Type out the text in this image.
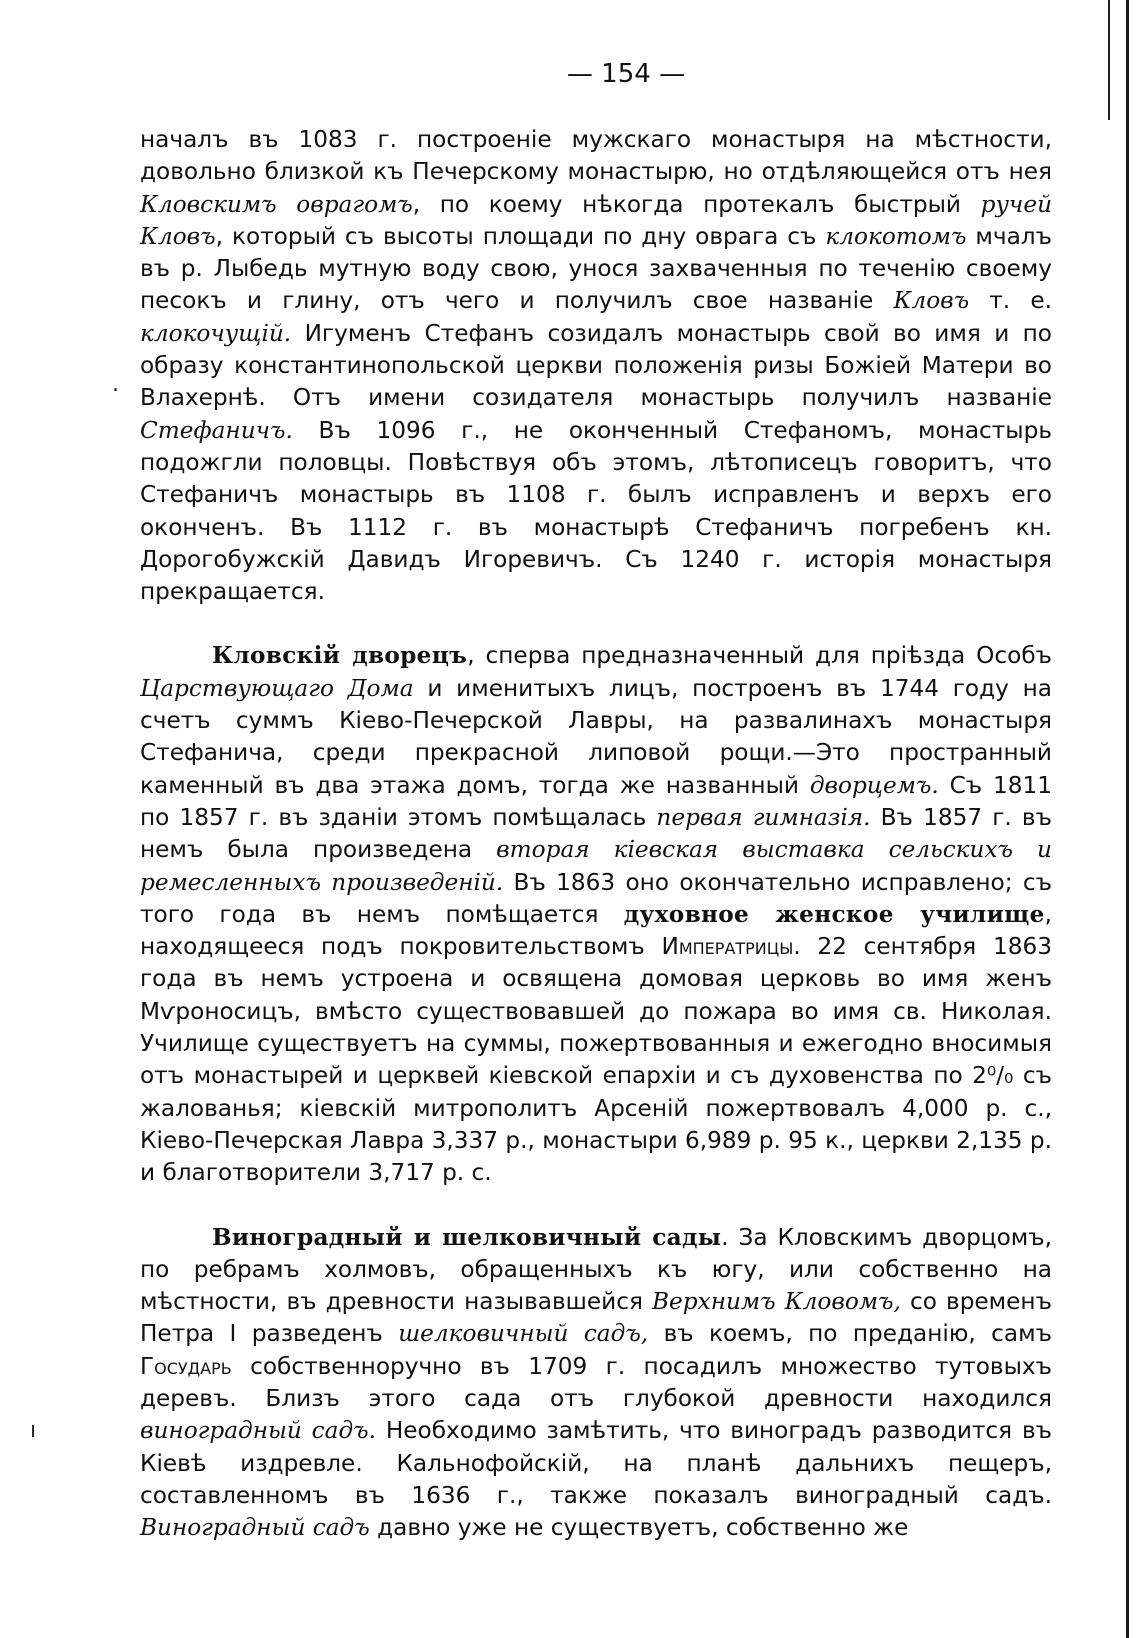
.
ı
— 154 —

началъ въ 1083 г. построеніе мужскаго монастыря на мѣстности, довольно близкой къ Печерскому монастырю, но отдѣляющейся отъ нея Кловскимъ оврагомъ, по коему нѣкогда протекалъ быстрый ручей Кловъ, который съ высоты площади по дну оврага съ клокотомъ мчалъ въ р. Лыбедь мутную воду свою, унося захваченныя по теченію своему песокъ и глину, отъ чего и получилъ свое названіе Кловъ т. е. клокочущій. Игуменъ Стефанъ созидалъ монастырь свой во имя и по образу константинопольской церкви положенія ризы Божіей Матери во Влахернѣ. Отъ имени созидателя монастырь получилъ названіе Стефаничъ. Въ 1096 г., не оконченный Стефаномъ, монастырь подожгли половцы. Повѣствуя объ этомъ, лѣтописецъ говоритъ, что Стефаничъ монастырь въ 1108 г. былъ исправленъ и верхъ его оконченъ. Въ 1112 г. въ монастырѣ Стефаничъ погребенъ кн. Дорогобужскій Давидъ Игоревичъ. Съ 1240 г. исторія монастыря прекращается.

Кловскій дворецъ, сперва предназначенный для пріѣзда Особъ Царствующаго Дома и именитыхъ лицъ, построенъ въ 1744 году на счетъ суммъ Кіево-Печерской Лавры, на развалинахъ монастыря Стефанича, среди прекрасной липовой рощи.—Это пространный каменный въ два этажа домъ, тогда же названный дворцемъ. Съ 1811 по 1857 г. въ зданіи этомъ помѣщалась первая гимназія. Въ 1857 г. въ немъ была произведена вторая кіевская выставка сельскихъ и ремесленныхъ произведеній. Въ 1863 оно окончательно исправлено; съ того года въ немъ помѣщается духовное женское училище, находящееся подъ покровительствомъ Императрицы. 22 сентября 1863 года въ немъ устроена и освящена домовая церковь во имя женъ Мѵроносицъ, вмѣсто существовавшей до пожара во имя св. Николая. Училище существуетъ на суммы, пожертвованныя и ежегодно вносимыя отъ монастырей и церквей кіевской епархіи и съ духовенства по 2⁰/₀ съ жалованья; кіевскій митрополитъ Арсеній пожертвовалъ 4,000 р. с., Кіево-Печерская Лавра 3,337 р., монастыри 6,989 р. 95 к., церкви 2,135 р. и благотворители 3,717 р. с.

Виноградный и шелковичный сады. За Кловскимъ дворцомъ, по ребрамъ холмовъ, обращенныхъ къ югу, или собственно на мѣстности, въ древности называвшейся Верхнимъ Кловомъ, со временъ Петра I разведенъ шелковичный садъ, въ коемъ, по преданію, самъ Государь собственноручно въ 1709 г. посадилъ множество тутовыхъ деревъ. Близъ этого сада отъ глубокой древности находился виноградный садъ. Необходимо замѣтить, что виноградъ разводится въ Кіевѣ издревле. Кальнофойскій, на планѣ дальнихъ пещеръ, составленномъ въ 1636 г., также показалъ виноградный садъ. Виноградный садъ давно уже не существуетъ, собственно же
